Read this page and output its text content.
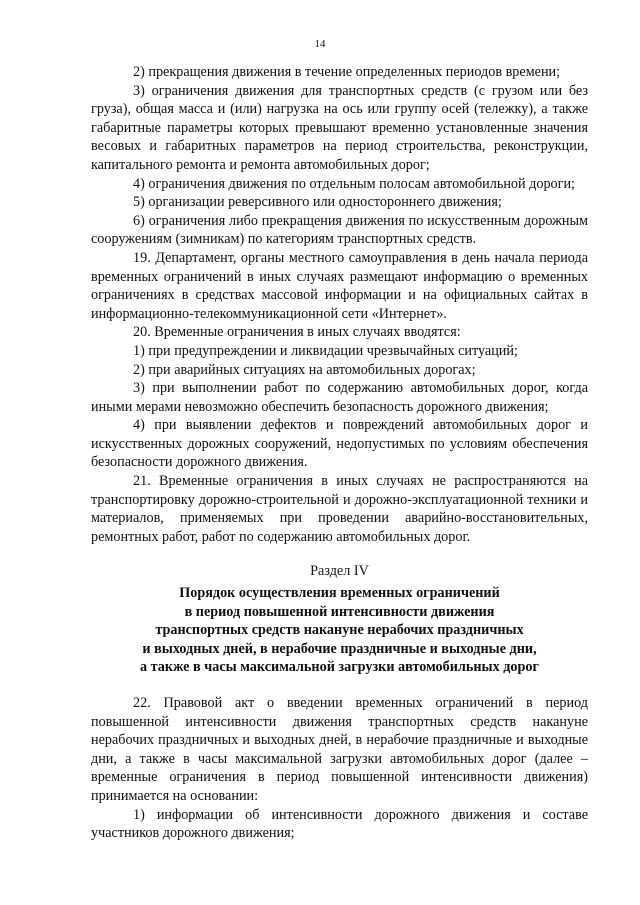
14

2) прекращения движения в течение определенных периодов времени;

3) ограничения движения для транспортных средств (с грузом или без груза), общая масса и (или) нагрузка на ось или группу осей (тележку), а также габаритные параметры которых превышают временно установленные значения весовых и габаритных параметров на период строительства, реконструкции, капитального ремонта и ремонта автомобильных дорог;

4) ограничения движения по отдельным полосам автомобильной дороги;

5) организации реверсивного или одностороннего движения;

6) ограничения либо прекращения движения по искусственным дорожным сооружениям (зимникам) по категориям транспортных средств.

19. Департамент, органы местного самоуправления в день начала периода временных ограничений в иных случаях размещают информацию о временных ограничениях в средствах массовой информации и на официальных сайтах в информационно-телекоммуникационной сети «Интернет».

20. Временные ограничения в иных случаях вводятся:

1) при предупреждении и ликвидации чрезвычайных ситуаций;

2) при аварийных ситуациях на автомобильных дорогах;

3) при выполнении работ по содержанию автомобильных дорог, когда иными мерами невозможно обеспечить безопасность дорожного движения;

4) при выявлении дефектов и повреждений автомобильных дорог и искусственных дорожных сооружений, недопустимых по условиям обеспечения безопасности дорожного движения.

21. Временные ограничения в иных случаях не распространяются на транспортировку дорожно-строительной и дорожно-эксплуатационной техники и материалов, применяемых при проведении аварийно-восстановительных, ремонтных работ, работ по содержанию автомобильных дорог.

Раздел IV

Порядок осуществления временных ограничений
в период повышенной интенсивности движения
транспортных средств накануне нерабочих праздничных
и выходных дней, в нерабочие праздничные и выходные дни,
а также в часы максимальной загрузки автомобильных дорог

22. Правовой акт о введении временных ограничений в период повышенной интенсивности движения транспортных средств накануне нерабочих праздничных и выходных дней, в нерабочие праздничные и выходные дни, а также в часы максимальной загрузки автомобильных дорог (далее – временные ограничения в период повышенной интенсивности движения) принимается на основании:

1) информации об интенсивности дорожного движения и составе участников дорожного движения;
